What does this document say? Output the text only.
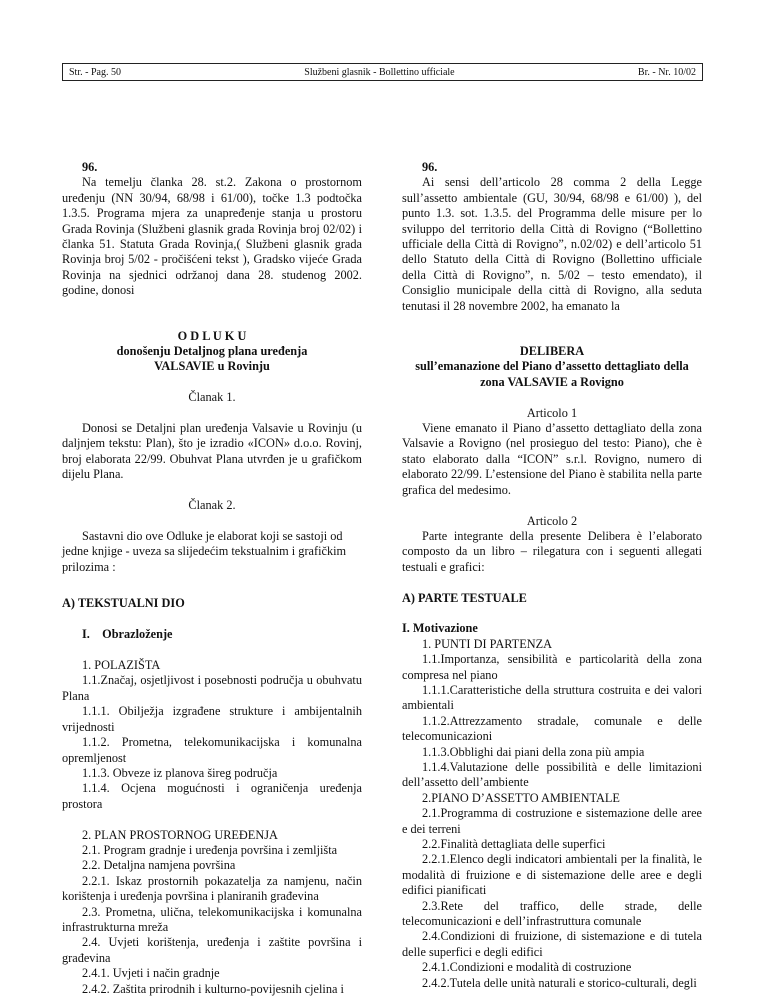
Str. - Pag. 50	Službeni glasnik - Bollettino ufficiale	Br. - Nr. 10/02

96.

Na temelju članka 28. st.2. Zakona o prostornom uređenju (NN 30/94, 68/98 i 61/00), točke 1.3 podtočka 1.3.5. Programa mjera za unapređenje stanja u prostoru Grada Rovinja (Službeni glasnik grada Rovinja broj 02/02) i članka 51. Statuta Grada Rovinja,( Službeni glasnik grada Rovinja broj 5/02 - pročišćeni tekst ), Gradsko vijeće Grada Rovinja na sjednici održanoj dana 28. studenog 2002. godine, donosi

O D L U K U

donošenju Detaljnog plana uređenja

VALSAVIE u Rovinju

Članak 1.

Donosi se Detaljni plan uređenja Valsavie u Rovinju (u daljnjem tekstu: Plan), što je izradio «ICON» d.o.o. Rovinj, broj elaborata 22/99. Obuhvat Plana utvrđen je u grafičkom dijelu Plana.

Članak 2.

Sastavni dio ove Odluke je elaborat koji se sastoji od jedne knjige - uveza sa slijedećim tekstualnim i grafičkim prilozima :

A) TEKSTUALNI DIO

I.    Obrazloženje

1. POLAZIŠTA

1.1.Značaj, osjetljivost i posebnosti područja u obuhvatu Plana

1.1.1. Obilježja izgrađene strukture i ambijentalnih vrijednosti

1.1.2. Prometna, telekomunikacijska i komunalna opremljenost

1.1.3. Obveze iz planova šireg područja

1.1.4. Ocjena mogućnosti i ograničenja uređenja prostora

2. PLAN PROSTORNOG UREĐENJA

2.1. Program gradnje i uređenja površina i zemljišta

2.2. Detaljna namjena površina

2.2.1. Iskaz prostornih pokazatelja za namjenu, način korištenja i uređenja površina i planiranih građevina

2.3. Prometna, ulična, telekomunikacijska i komunalna infrastrukturna mreža

2.4. Uvjeti korištenja, uređenja i zaštite površina i građevina

2.4.1. Uvjeti i način gradnje

2.4.2. Zaštita prirodnih i kulturno-povijesnih cjelina i

96.

Ai sensi dell’articolo 28 comma 2 della Legge sull’assetto ambientale (GU, 30/94, 68/98 e 61/00) ), del punto 1.3. sot. 1.3.5. del Programma delle misure per lo sviluppo del territorio della Città di Rovigno (“Bollettino ufficiale della Città di Rovigno”, n.02/02) e dell’articolo 51 dello Statuto della Città di Rovigno (Bollettino ufficiale della Città di Rovigno”, n. 5/02 – testo emendato), il Consiglio municipale della città di Rovigno, alla seduta tenutasi il 28 novembre 2002, ha emanato la

DELIBERA

sull’emanazione del Piano d’assetto dettagliato della

zona VALSAVIE a Rovigno

Articolo 1

Viene emanato il Piano d’assetto dettagliato della zona Valsavie a Rovigno (nel prosieguo del testo: Piano), che è stato elaborato dalla “ICON” s.r.l. Rovigno, numero di elaborato 22/99. L’estensione del Piano è stabilita nella parte grafica del medesimo.

Articolo 2

Parte integrante della presente Delibera è l’elaborato composto da un libro – rilegatura con i seguenti allegati testuali e grafici:

A) PARTE TESTUALE

I. Motivazione

1. PUNTI DI PARTENZA

1.1.Importanza, sensibilità e particolarità della zona compresa nel piano

1.1.1.Caratteristiche della struttura costruita e dei valori ambientali

1.1.2.Attrezzamento stradale, comunale e delle telecomunicazioni

1.1.3.Obblighi dai piani della zona più ampia

1.1.4.Valutazione delle possibilità e delle limitazioni dell’assetto dell’ambiente

2.PIANO D’ASSETTO AMBIENTALE

2.1.Programma di costruzione e sistemazione delle aree e dei terreni

2.2.Finalità dettagliata delle superfici

2.2.1.Elenco degli indicatori ambientali per la finalità, le modalità di fruizione e di sistemazione delle aree e degli edifici pianificati

2.3.Rete del traffico, delle strade, delle telecomunicazioni e dell’infrastruttura comunale

2.4.Condizioni di fruizione, di sistemazione e di tutela delle superfici e degli edifici

2.4.1.Condizioni e modalità di costruzione

2.4.2.Tutela delle unità naturali e storico-culturali, degli
